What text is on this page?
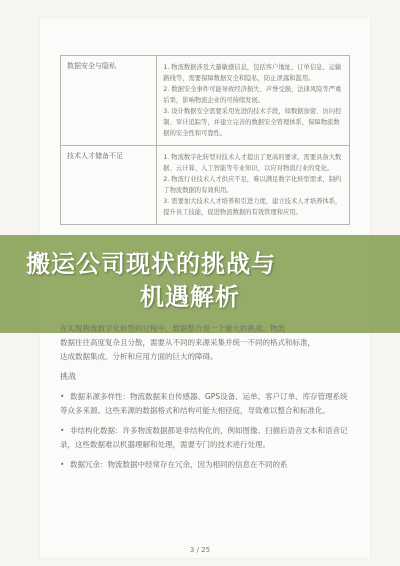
数据安全与隐私	1. 物流数据涉及大量敏感信息，包括客户地址、订单信息、运输路线等，需要保障数据安全和隐私，防止泄露和滥用。
2. 数据安全事件可能导致经济损失、声誉受损、法律风险等严重后果，影响物流企业的可持续发展。
3. 设计数据安全需要采用先进的技术手段，如数据加密、访问控制、审计追踪等，并建立完善的数据安全管理体系，保障物流数据的安全性和可靠性。

技术人才储备不足	1. 物流数字化转型对技术人才提出了更高的要求，需要具备大数据、云计算、人工智能等专业知识，以应对物流行业的变化。
2. 物流行业技术人才供应不足，难以满足数字化转型需求，制约了物流数据的有效利用。
3. 需要加大技术人才培养和引进力度，建立技术人才培养体系，提升员工技能，促进物流数据的有效管理和应用。
搬运公司现状的挑战与
机遇解析

在实现物流数字化转型的过程中，数据整合是一个重大的挑战。物流

数据往往高度复杂且分散，需要从不同的来源采集并统一不同的格式和标准，

达成数据集成、分析和应用方面的巨大的障碍。

挑战
• 数据来源多样性：物流数据来自传感器、GPS设备、运单、客户订单、库存管理系统等众多来源。这些来源的数据格式和结构可能大相径庭，导致难以整合和标准化。
• 非结构化数据：许多物流数据都是非结构化的，例如图像、扫描后语音文本和语音记录，这些数据难以机器理解和处理，需要专门的技术进行处理。
• 数据冗余：物流数据中经常存在冗余，因为相同的信息在不同的系
3 / 25
